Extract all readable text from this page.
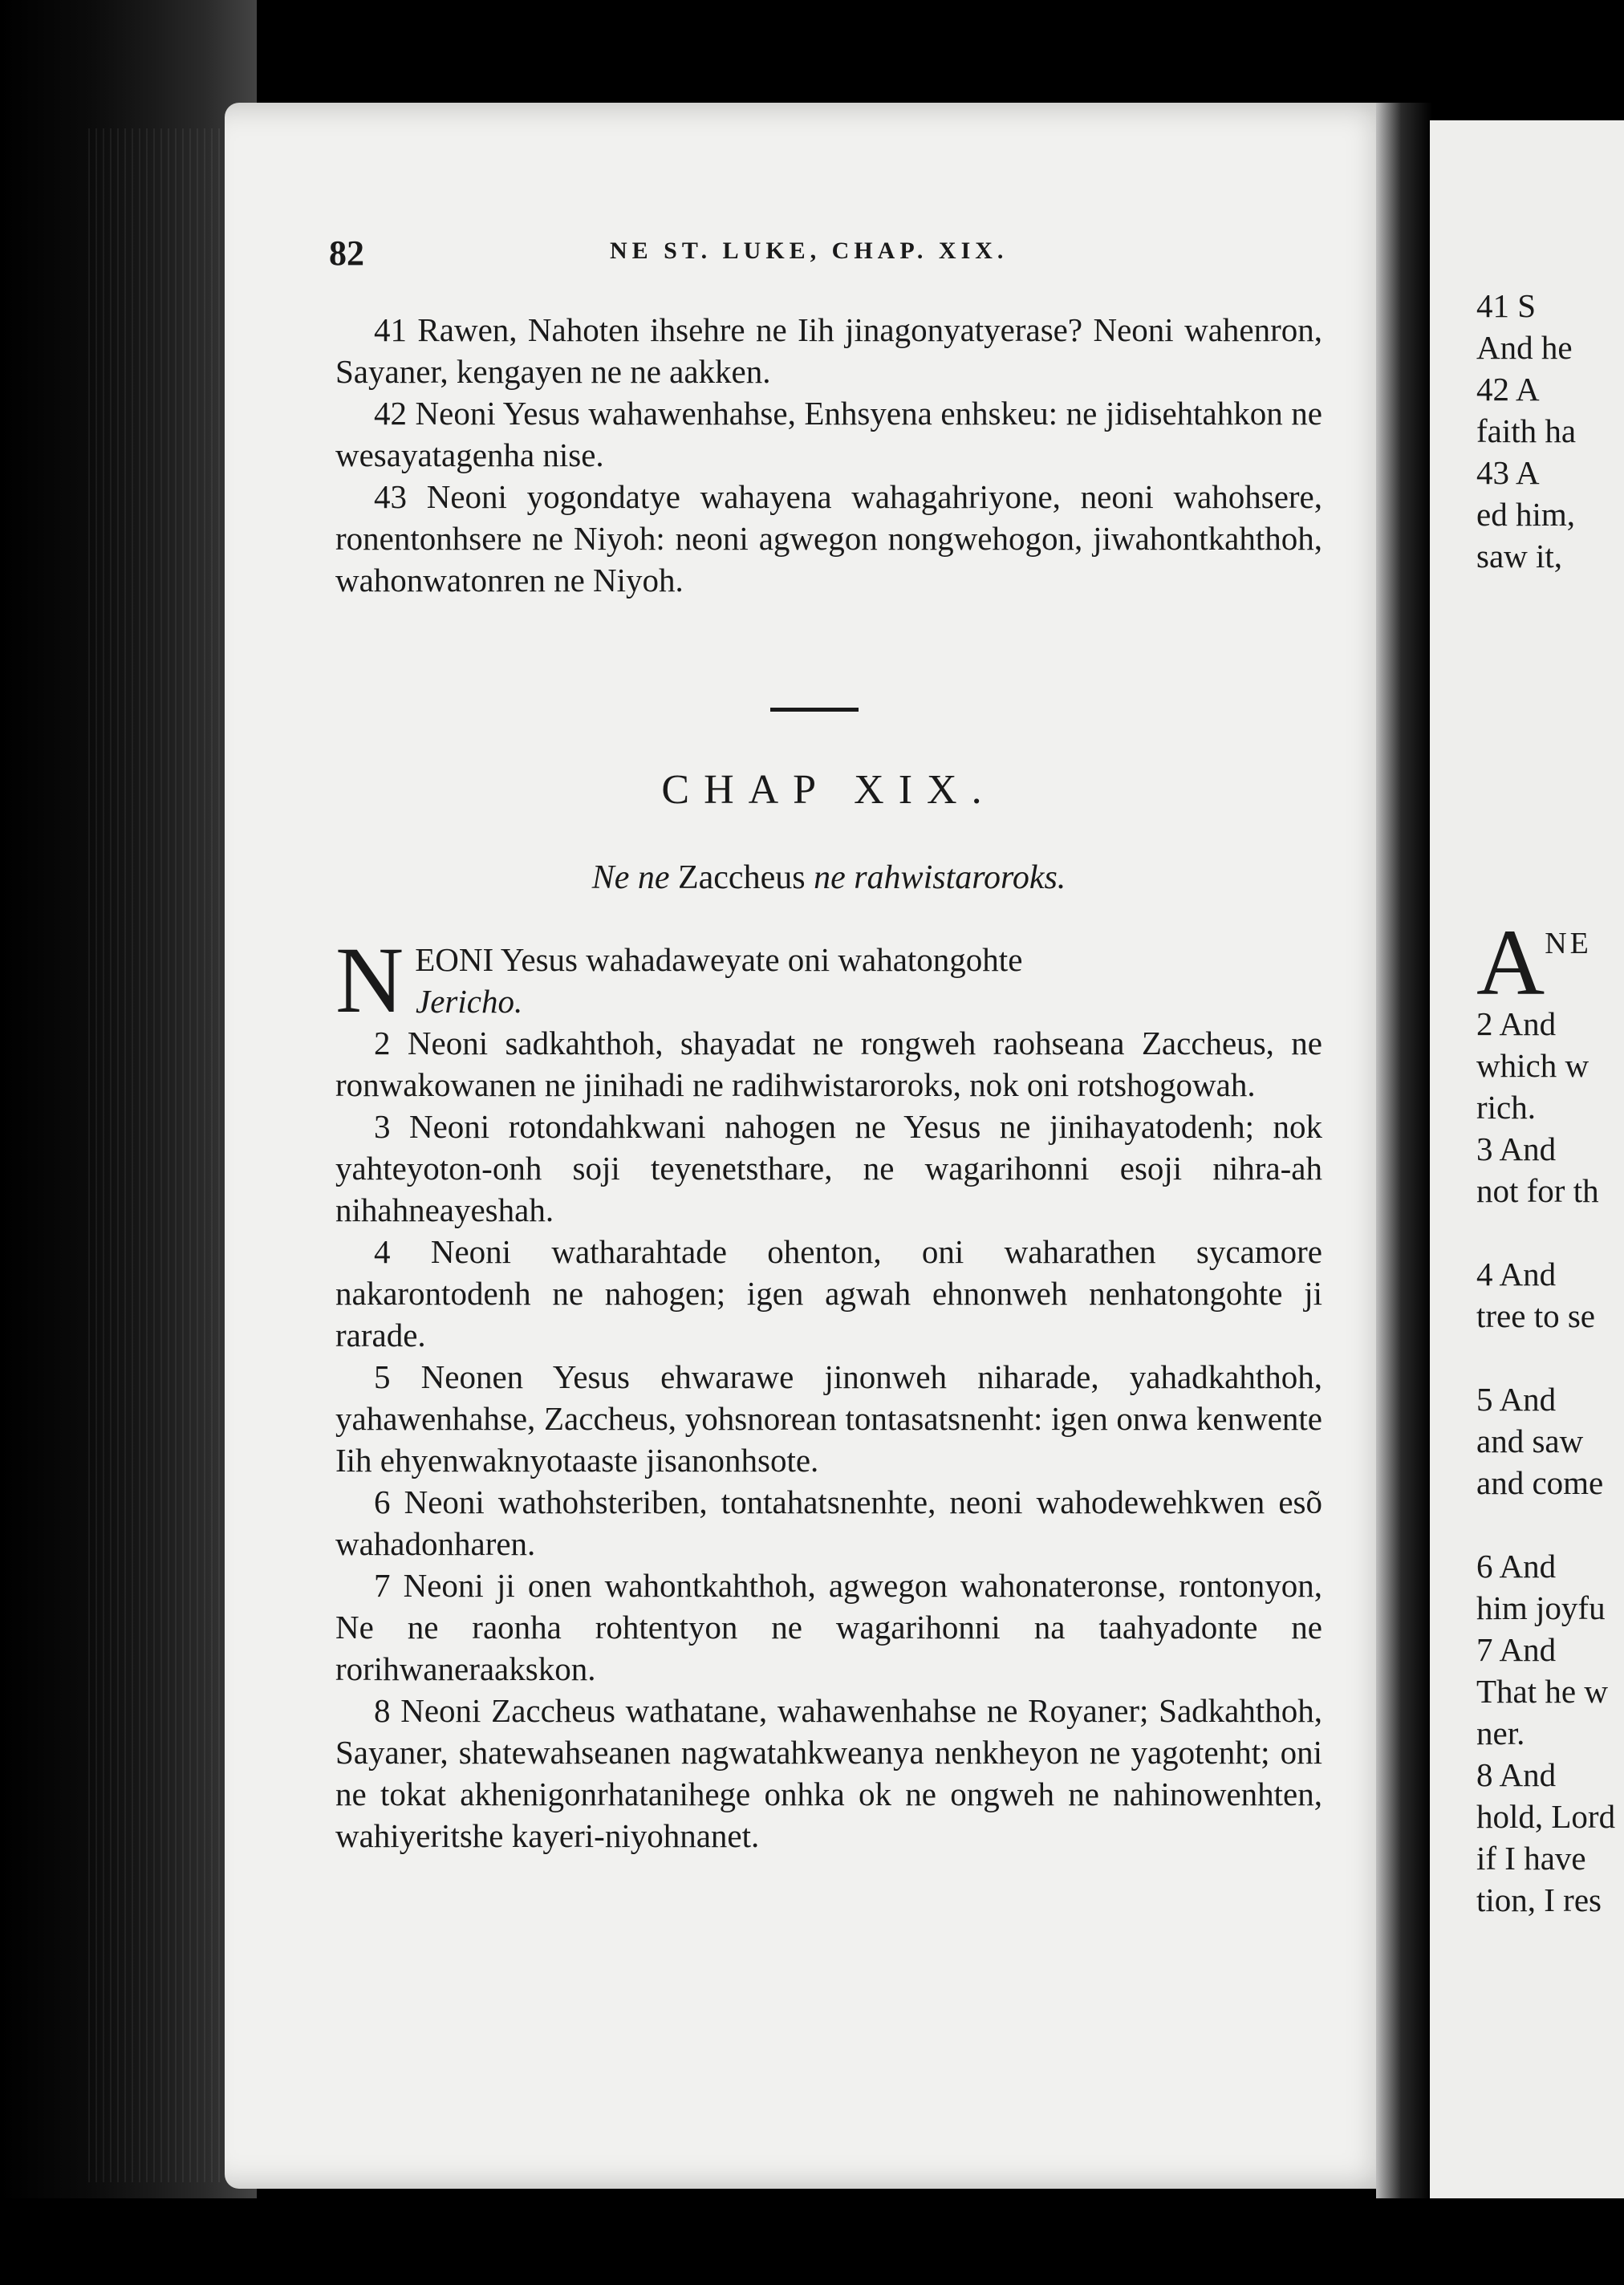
82	NE ST. LUKE, CHAP. XIX.

41 Rawen, Nahoten ihsehre ne Iih jinagonyatyerase? Neoni wahenron, Sayaner, kengayen ne ne aakken.

42 Neoni Yesus wahawenhahse, Enhsyena enhskeu: ne jidisehtahkon ne wesayatagenha nise.

43 Neoni yogondatye wahayena wahagahriyone, neoni wahohsere, ronentonhsere ne Niyoh: neoni agwegon nongwehogon, jiwahontkahthoh, wahonwatonren ne Niyoh.

CHAP XIX.
Ne ne Zaccheus ne rahwistaroroks.

N EONI Yesus wahadaweyate oni wahatongohte
Jericho.

2 Neoni sadkahthoh, shayadat ne rongweh raohseana Zaccheus, ne ronwakowanen ne jinihadi ne radihwistaroroks, nok oni rotshogowah.

3 Neoni rotondahkwani nahogen ne Yesus ne jinihayatodenh; nok yahteyoton-onh soji teyenetsthare, ne wagarihonni esoji nihra-ah nihahneayeshah.

4 Neoni watharahtade ohenton, oni waharathen sycamore nakarontodenh ne nahogen; igen agwah ehnonweh nenhatongohte ji rarade.

5 Neonen Yesus ehwarawe jinonweh niharade, yahadkahthoh, yahawenhahse, Zaccheus, yohsnorean tontasatsnenht: igen onwa kenwente Iih ehyenwaknyotaaste jisanonhsote.

6 Neoni wathohsteriben, tontahatsnenhte, neoni wahodewehkwen esõ wahadonharen.

7 Neoni ji onen wahontkahthoh, agwegon wahonateronse, rontonyon, Ne ne raonha rohtentyon ne wagarihonni na taahyadonte ne rorihwaneraakskon.

8 Neoni Zaccheus wathatane, wahawenhahse ne Royaner; Sadkahthoh, Sayaner, shatewahseanen nagwatahkweanya nenkheyon ne yagotenht; oni ne tokat akhenigonrhatanihege onhka ok ne ongweh ne nahinowenhten, wahiyeritshe kayeri-niyohnanet.

41 S

And he

42 A

faith ha

43 A

ed him,

saw it,

ANE

2 And

which w

rich.

3 And

not for th

4 And

tree to se

5 And

and saw

and come

6 And

him joyfu

7 And

That he w

ner.

8 And

hold, Lord

if I have

tion, I res
